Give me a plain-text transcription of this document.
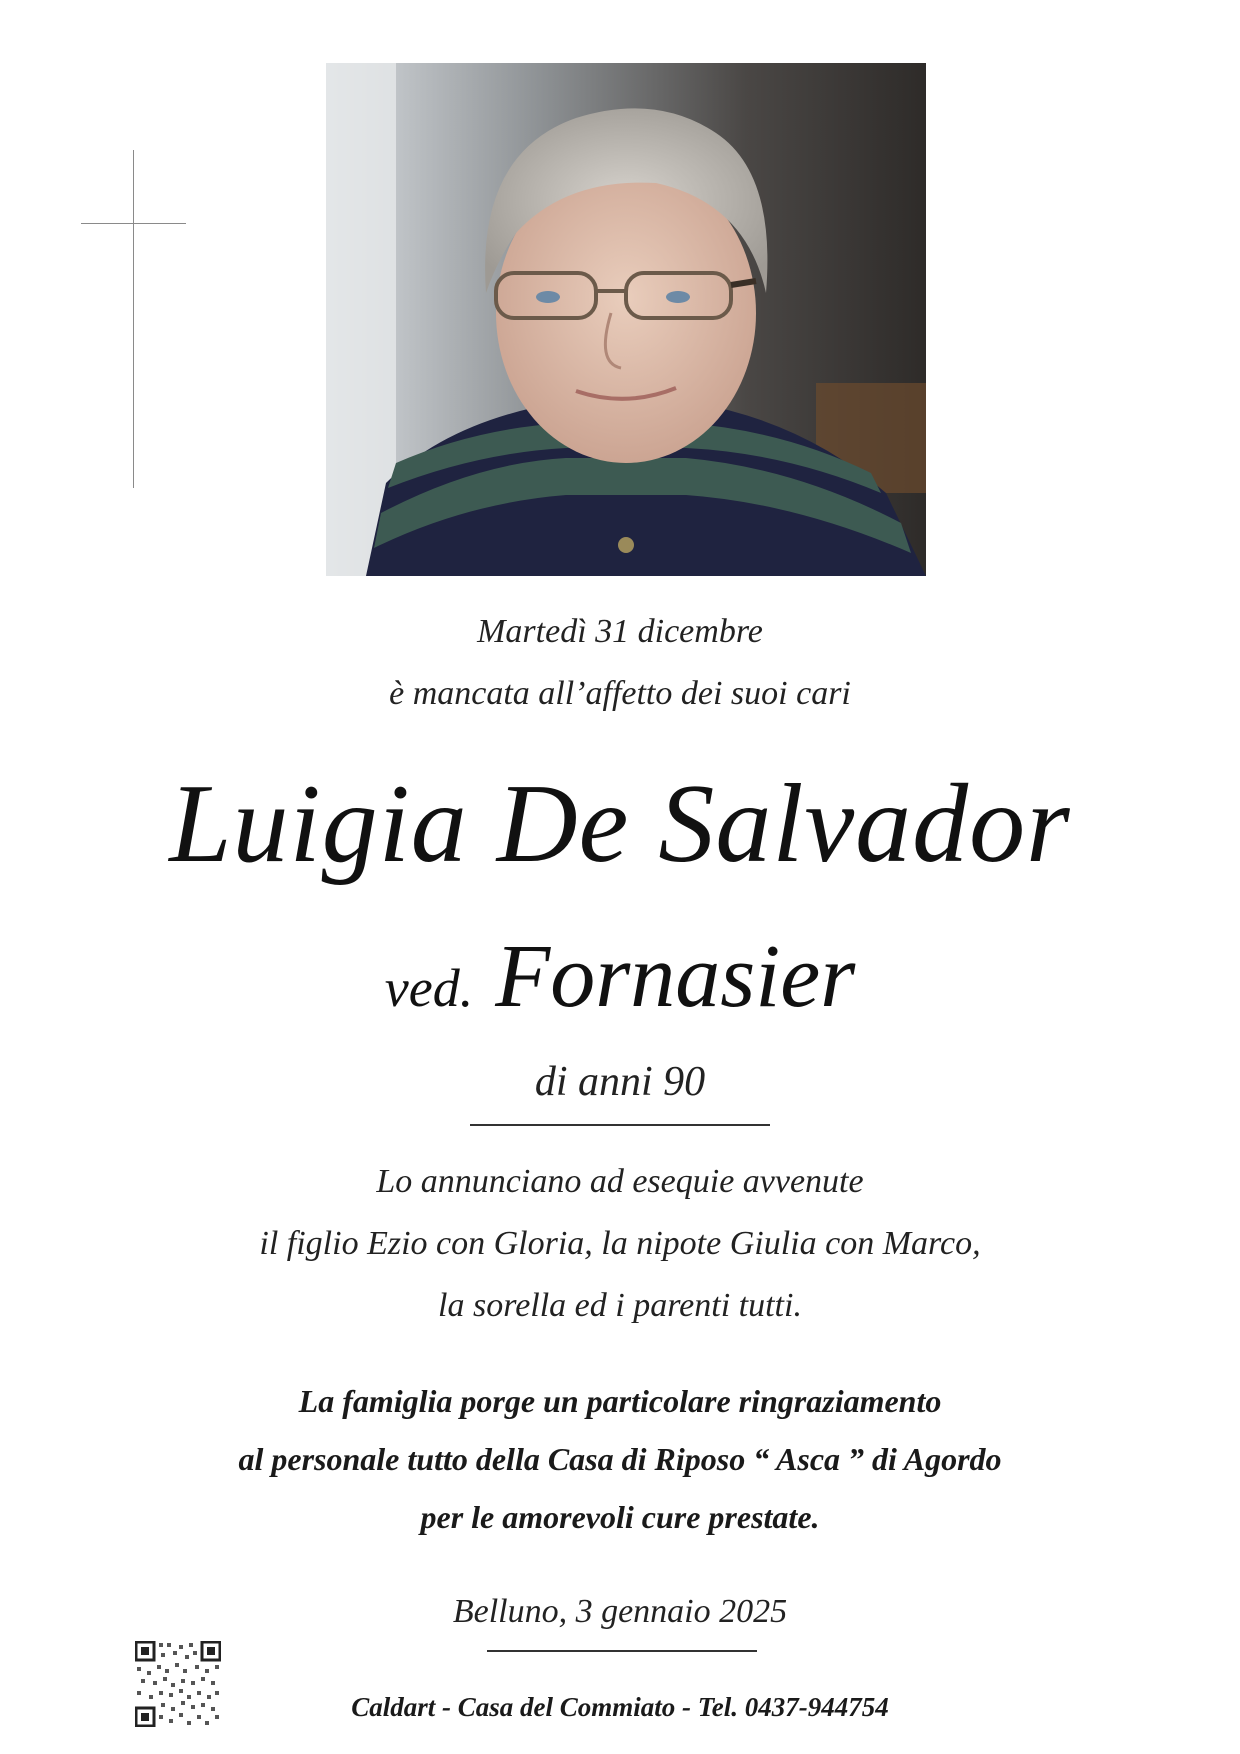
Martedì 31 dicembre
è mancata all’affetto dei suoi cari
Luigia De Salvador
ved. Fornasier
di anni 90
Lo annunciano ad esequie avvenute
il figlio Ezio con Gloria, la nipote Giulia con Marco,
la sorella ed i parenti tutti.
La famiglia porge un particolare ringraziamento
al personale tutto della Casa di Riposo “ Asca ” di Agordo
per le amorevoli cure prestate.
Belluno, 3 gennaio 2025
Caldart - Casa del Commiato - Tel. 0437-944754
